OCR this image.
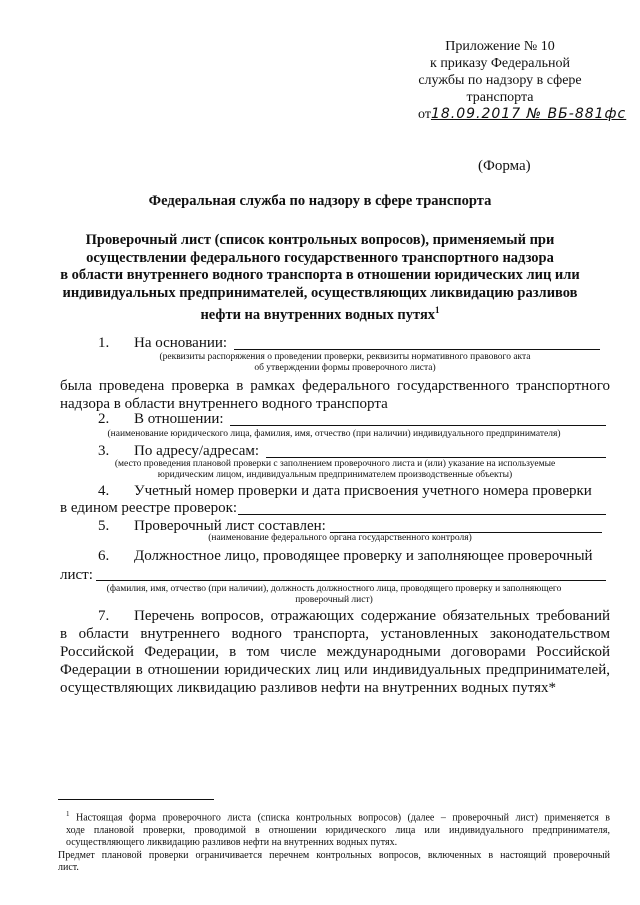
Приложение № 10
к приказу Федеральной
службы по надзору в сфере
транспорта
от18.09.2017 № ВБ-881фс
(Форма)
Федеральная служба по надзору в сфере транспорта
Проверочный лист (список контрольных вопросов), применяемый при
осуществлении федерального государственного транспортного надзора
в области внутреннего водного транспорта в отношении юридических лиц или
индивидуальных предпринимателей, осуществляющих ликвидацию разливов
нефти на внутренних водных путях$^1$
1. На основании:
(реквизиты распоряжения о проведении проверки, реквизиты нормативного правового акта
об утверждении формы проверочного листа)
была проведена проверка в рамках федерального государственного транспортного
надзора в области внутреннего водного транспорта
2. В отношении:
(наименование юридического лица, фамилия, имя, отчество (при наличии) индивидуального предпринимателя)
3. По адресу/адресам:
(место проведения плановой проверки с заполнением проверочного листа и (или) указание на используемые
юридическим лицом, индивидуальным предпринимателем производственные объекты)
4. Учетный номер проверки и дата присвоения учетного номера проверки
в едином реестре проверок:
5. Проверочный лист составлен:
(наименование федерального органа государственного контроля)
6. Должностное лицо, проводящее проверку и заполняющее проверочный
лист:
(фамилия, имя, отчество (при наличии), должность должностного лица, проводящего проверку и заполняющего
проверочный лист)
7.	Перечень вопросов, отражающих содержание обязательных требований
в области внутреннего водного транспорта, установленных законодательством
Российской Федерации, в том числе международными договорами Российской
Федерации в отношении юридических лиц или индивидуальных предпринимателей,
осуществляющих ликвидацию разливов нефти на внутренних водных путях*
$^1$ Настоящая форма проверочного листа (списка контрольных вопросов) (далее – проверочный лист) применяется в
ходе плановой проверки, проводимой в отношении юридического лица или индивидуального предпринимателя,
осуществляющего ликвидацию разливов нефти на внутренних водных путях.
Предмет плановой проверки ограничивается перечнем контрольных вопросов, включенных в настоящий проверочный
лист.
